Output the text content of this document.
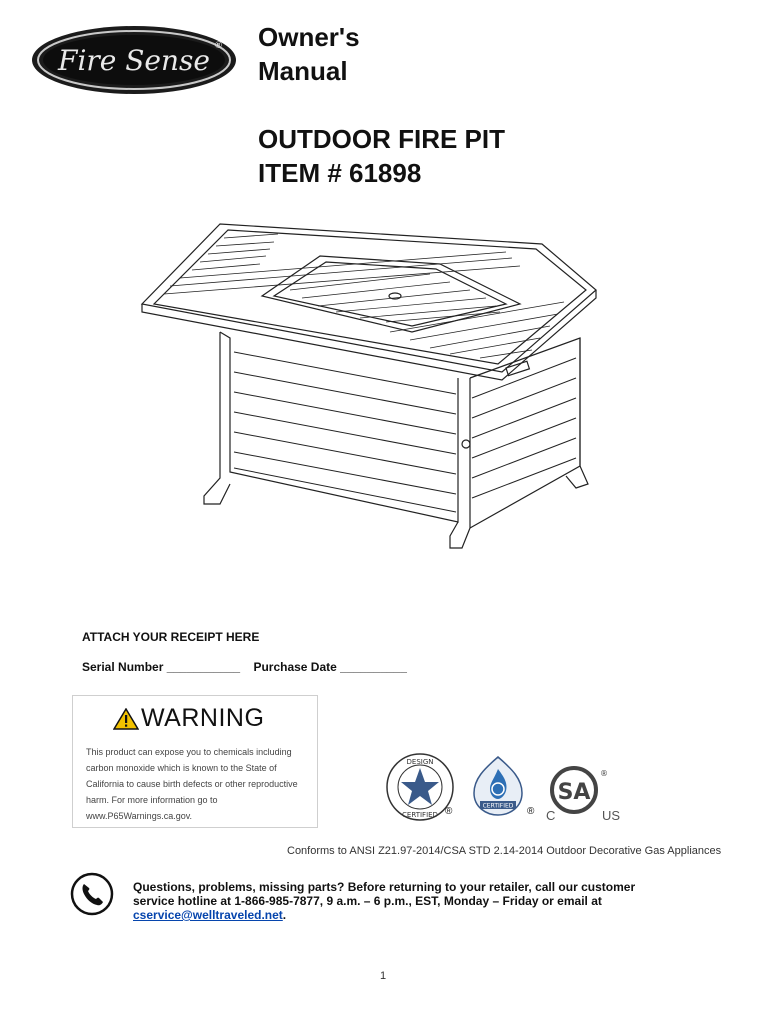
Fire Sense ® Owner's
Manual
OUTDOOR FIRE PIT
ITEM # 61898
ATTACH YOUR RECEIPT HERE
Serial Number ___________    Purchase Date __________
WARNING
This product can expose you to chemicals including carbon monoxide which is known to the State of California to cause birth defects or other reproductive harm. For more information go to www.P65Warnings.ca.gov.
DESIGN
CERTIFIED ®	CERTIFIED ®
SA
®
C	US
Conforms to ANSI Z21.97-2014/CSA STD 2.14-2014 Outdoor Decorative Gas Appliances
Questions, problems, missing parts? Before returning to your retailer, call our customer service hotline at 1-866-985-7877, 9 a.m. – 6 p.m., EST, Monday – Friday or email at cservice@welltraveled.net.
1
